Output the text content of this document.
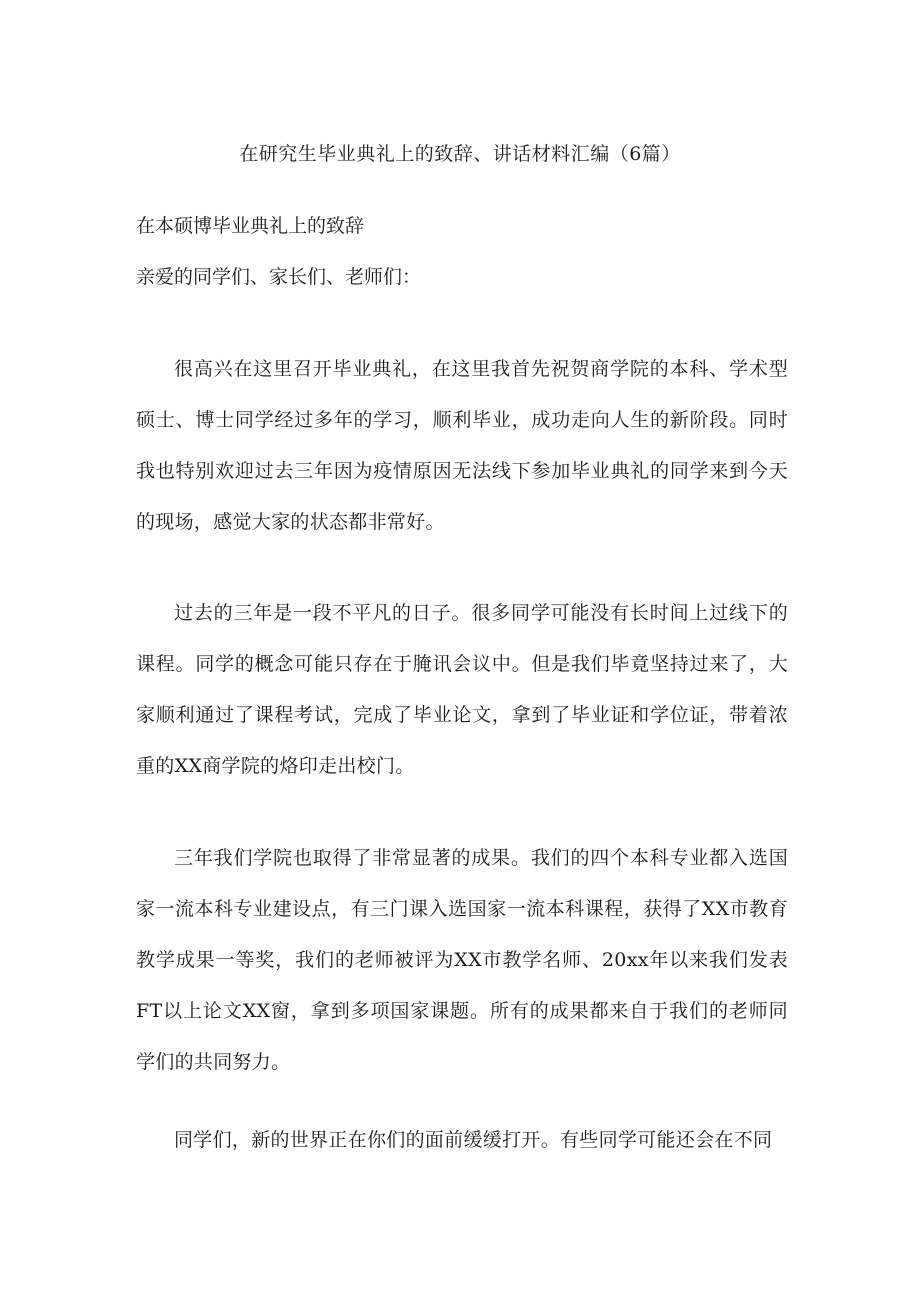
在研究生毕业典礼上的致辞、讲话材料汇编（6篇）
在本硕博毕业典礼上的致辞
亲爱的同学们、家长们、老师们：

很高兴在这里召开毕业典礼，在这里我首先祝贺商学院的本科、学术型硕士、博士同学经过多年的学习，顺利毕业，成功走向人生的新阶段。同时我也特别欢迎过去三年因为疫情原因无法线下参加毕业典礼的同学来到今天的现场，感觉大家的状态都非常好。

过去的三年是一段不平凡的日子。很多同学可能没有长时间上过线下的课程。同学的概念可能只存在于腌讯会议中。但是我们毕竟坚持过来了，大家顺利通过了课程考试，完成了毕业论文，拿到了毕业证和学位证，带着浓重的XX商学院的烙印走出校门。

三年我们学院也取得了非常显著的成果。我们的四个本科专业都入选国家一流本科专业建设点，有三门课入选国家一流本科课程，获得了XX市教育教学成果一等奖，我们的老师被评为XX市教学名师、20xx年以来我们发表FT以上论文XX窗，拿到多项国家课题。所有的成果都来自于我们的老师同学们的共同努力。

同学们，新的世界正在你们的面前缓缓打开。有些同学可能还会在不同
